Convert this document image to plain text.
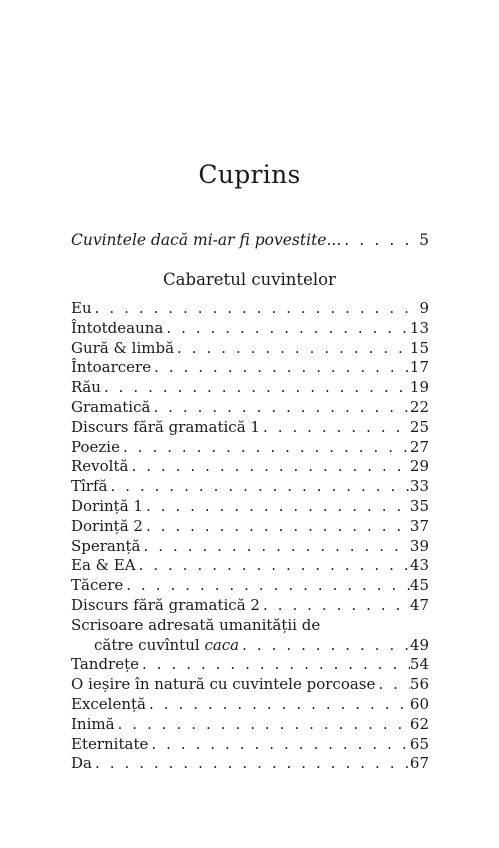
Cuprins
Cuvintele dacă mi-ar fi povestite... . . .	5
Cabaretul cuvintelor
Eu . . .	9
Întotdeauna . . .	13
Gură & limbă . . .	15
Întoarcere . . .	17
Rău . . .	19
Gramatică . . .	22
Discurs fără gramatică 1 . . .	25
Poezie . . .	27
Revoltă . . .	29
Tîrfă . . .	33
Dorință 1 . . .	35
Dorință 2 . . .	37
Speranță . . .	39
Ea & EA . . .	43
Tăcere . . .	45
Discurs fără gramatică 2 . . .	47
Scrisoare adresată umanității de
către cuvîntul caca . . .	49
Tandrețe . . .	54
O ieșire în natură cu cuvintele porcoase . . . 56
Excelență . . .	60
Inimă . . .	62
Eternitate . . .	65
Da . . .	67
